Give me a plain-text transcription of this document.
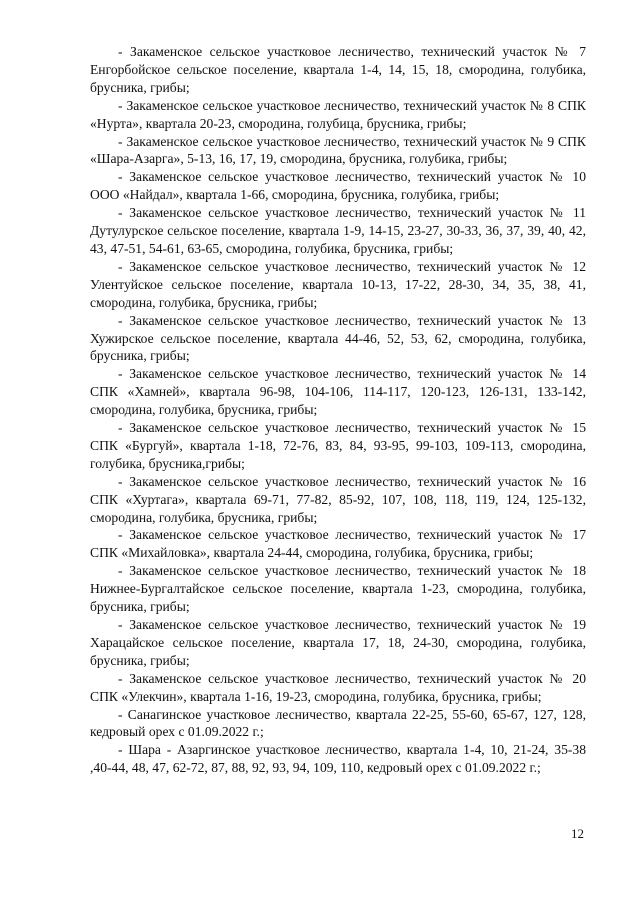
- Закаменское сельское участковое лесничество, технический участок № 7 Енгорбойское сельское поселение, квартала 1-4, 14, 15, 18, смородина, голубика, брусника, грибы;

- Закаменское сельское участковое лесничество, технический участок № 8 СПК «Нурта», квартала 20-23, смородина, голубица, брусника, грибы;

- Закаменское сельское участковое лесничество, технический участок № 9 СПК «Шара-Азарга», 5-13, 16, 17, 19, смородина, брусника, голубика, грибы;

- Закаменское сельское участковое лесничество, технический участок № 10 ООО «Найдал», квартала 1-66, смородина, брусника, голубика, грибы;

- Закаменское сельское участковое лесничество, технический участок № 11 Дутулурское сельское поселение, квартала 1-9, 14-15, 23-27, 30-33, 36, 37, 39, 40, 42, 43, 47-51, 54-61, 63-65, смородина, голубика, брусника, грибы;

- Закаменское сельское участковое лесничество, технический участок № 12 Улентуйское сельское поселение, квартала 10-13, 17-22, 28-30, 34, 35, 38, 41, смородина, голубика, брусника, грибы;

- Закаменское сельское участковое лесничество, технический участок № 13 Хужирское сельское поселение, квартала 44-46, 52, 53, 62, смородина, голубика, брусника, грибы;

- Закаменское сельское участковое лесничество, технический участок № 14 СПК «Хамней», квартала 96-98, 104-106, 114-117, 120-123, 126-131, 133-142, смородина, голубика, брусника, грибы;

- Закаменское сельское участковое лесничество, технический участок № 15 СПК «Бургуй», квартала 1-18, 72-76, 83, 84, 93-95, 99-103, 109-113, смородина, голубика, брусника,грибы;

- Закаменское сельское участковое лесничество, технический участок № 16 СПК «Хуртага», квартала 69-71, 77-82, 85-92, 107, 108, 118, 119, 124, 125-132, смородина, голубика, брусника, грибы;

- Закаменское сельское участковое лесничество, технический участок № 17 СПК «Михайловка», квартала 24-44, смородина, голубика, брусника, грибы;

- Закаменское сельское участковое лесничество, технический участок № 18 Нижнее-Бургалтайское сельское поселение, квартала 1-23, смородина, голубика, брусника, грибы;

- Закаменское сельское участковое лесничество, технический участок № 19 Харацайское сельское поселение, квартала 17, 18, 24-30, смородина, голубика, брусника, грибы;

- Закаменское сельское участковое лесничество, технический участок № 20 СПК «Улекчин», квартала 1-16, 19-23, смородина, голубика, брусника, грибы;

- Санагинское участковое лесничество, квартала 22-25, 55-60, 65-67, 127, 128, кедровый орех с 01.09.2022 г.;

- Шара - Азаргинское участковое лесничество, квартала 1-4, 10, 21-24, 35-38 ,40-44, 48, 47, 62-72, 87, 88, 92, 93, 94, 109, 110, кедровый орех с 01.09.2022 г.;

12
